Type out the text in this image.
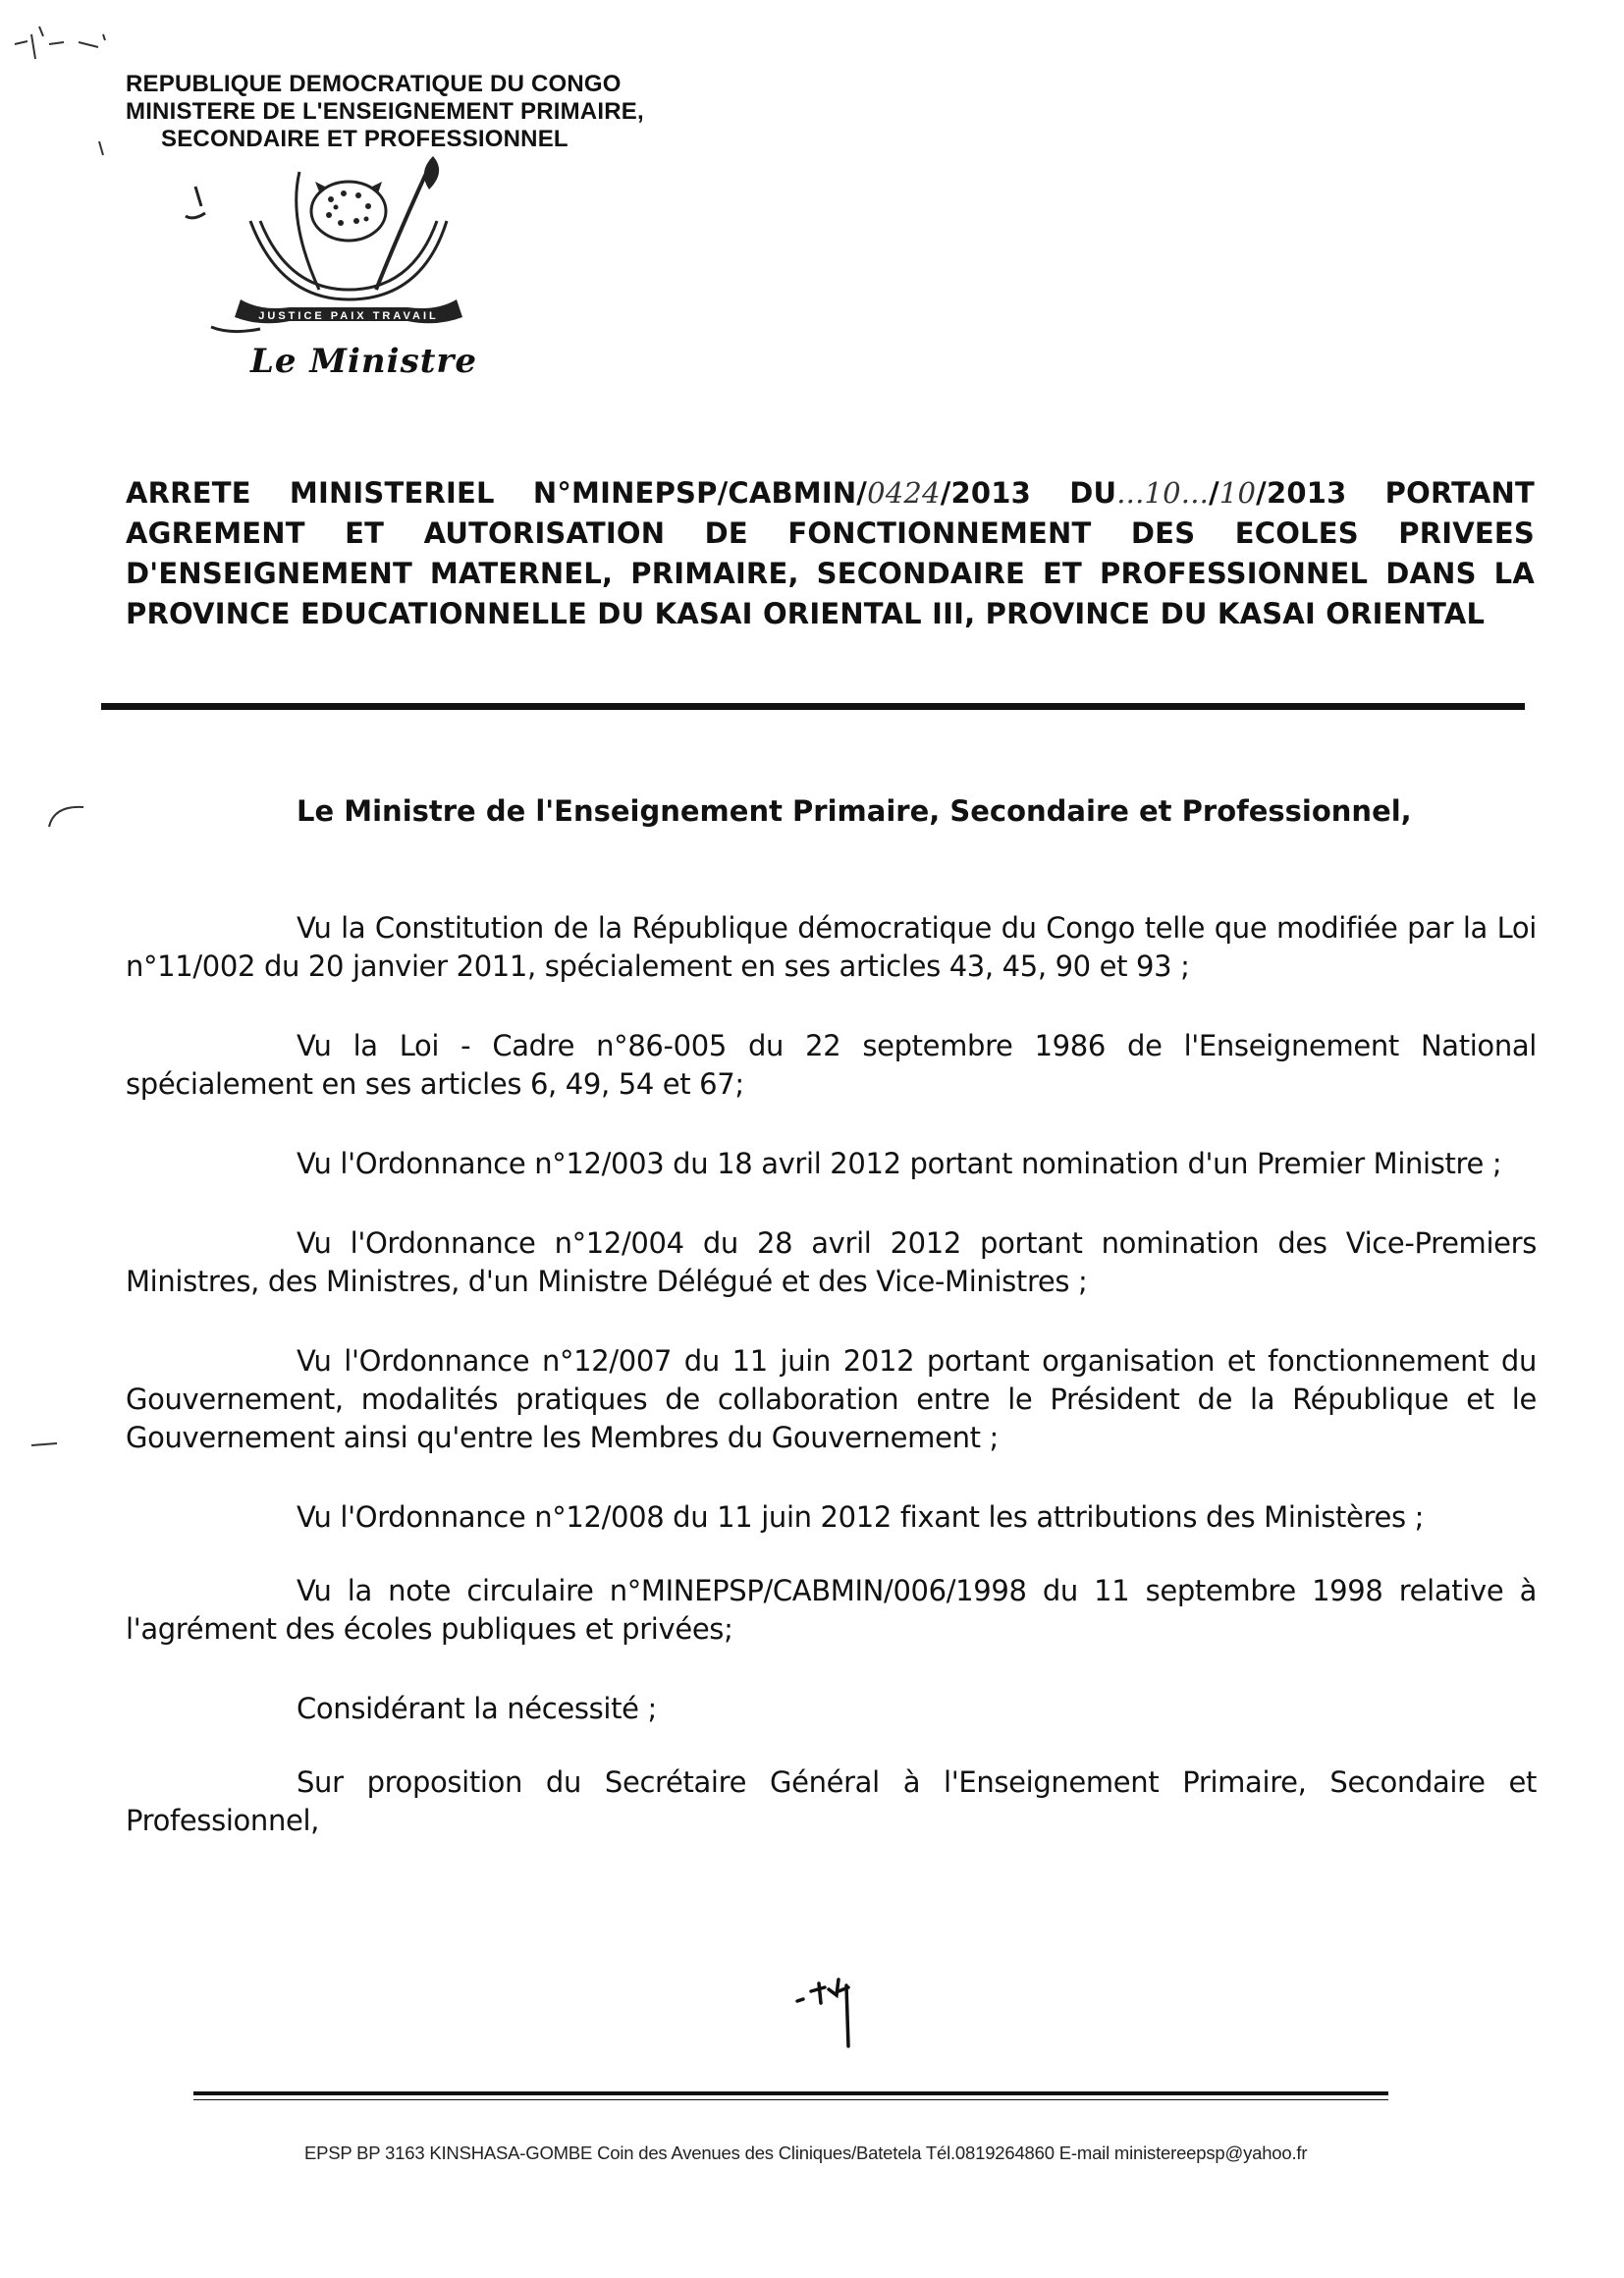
REPUBLIQUE DEMOCRATIQUE DU CONGO
MINISTERE DE L'ENSEIGNEMENT PRIMAIRE,
SECONDAIRE ET PROFESSIONNEL
JUSTICE PAIX TRAVAIL
Le Ministre
ARRETE MINISTERIEL N°MINEPSP/CABMIN/0424/2013 DU...10.../10/2013 PORTANT AGREMENT ET AUTORISATION DE FONCTIONNEMENT DES ECOLES PRIVEES D'ENSEIGNEMENT MATERNEL, PRIMAIRE, SECONDAIRE ET PROFESSIONNEL DANS LA PROVINCE EDUCATIONNELLE DU KASAI ORIENTAL III, PROVINCE DU KASAI ORIENTAL
Le Ministre de l'Enseignement Primaire, Secondaire et Professionnel,

Vu la Constitution de la République démocratique du Congo telle que modifiée par la Loi n°11/002 du 20 janvier 2011, spécialement en ses articles 43, 45, 90 et 93 ;

Vu la Loi - Cadre n°86-005 du 22 septembre 1986 de l'Enseignement National spécialement en ses articles 6, 49, 54 et 67;

Vu l'Ordonnance n°12/003 du 18 avril 2012 portant nomination d'un Premier Ministre ;

Vu l'Ordonnance n°12/004 du 28 avril 2012 portant nomination des Vice-Premiers Ministres, des Ministres, d'un Ministre Délégué et des Vice-Ministres ;

Vu l'Ordonnance n°12/007 du 11 juin 2012 portant organisation et fonctionnement du Gouvernement, modalités pratiques de collaboration entre le Président de la République et le Gouvernement ainsi qu'entre les Membres du Gouvernement ;

Vu l'Ordonnance n°12/008 du 11 juin 2012 fixant les attributions des Ministères ;

Vu la note circulaire n°MINEPSP/CABMIN/006/1998 du 11 septembre 1998 relative à l'agrément des écoles publiques et privées;

Considérant la nécessité ;

Sur proposition du Secrétaire Général à l'Enseignement Primaire, Secondaire et Professionnel,

EPSP BP 3163 KINSHASA-GOMBE Coin des Avenues des Cliniques/Batetela Tél.0819264860 E-mail ministereepsp@yahoo.fr
